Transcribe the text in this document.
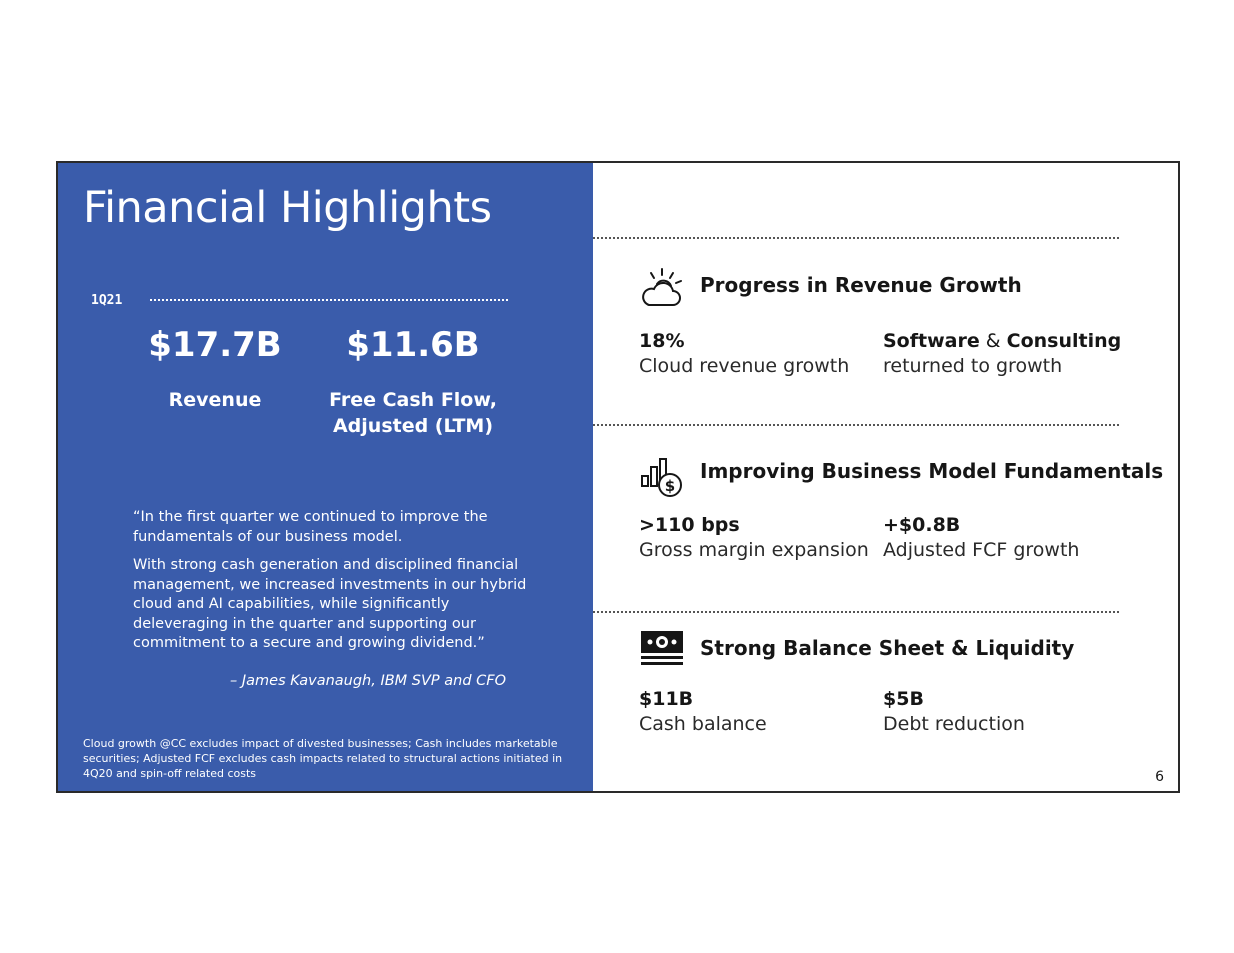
Financial Highlights
1Q21
$17.7B
Revenue
$11.6B
Free Cash Flow,
Adjusted (LTM)

“In the first quarter we continued to improve the fundamentals of our business model.

With strong cash generation and disciplined financial management, we increased investments in our hybrid cloud and AI capabilities, while significantly deleveraging in the quarter and supporting our commitment to a secure and growing dividend.”

– James Kavanaugh, IBM SVP and CFO
Cloud growth @CC excludes impact of divested businesses; Cash includes marketable securities; Adjusted FCF excludes cash impacts related to structural actions initiated in 4Q20 and spin-off related costs
Progress in Revenue Growth
18%
Cloud revenue growth
Software & Consulting
returned to growth
$
Improving Business Model Fundamentals
>110 bps
Gross margin expansion
+$0.8B
Adjusted FCF growth
Strong Balance Sheet & Liquidity
$11B
Cash balance
$5B
Debt reduction
6
